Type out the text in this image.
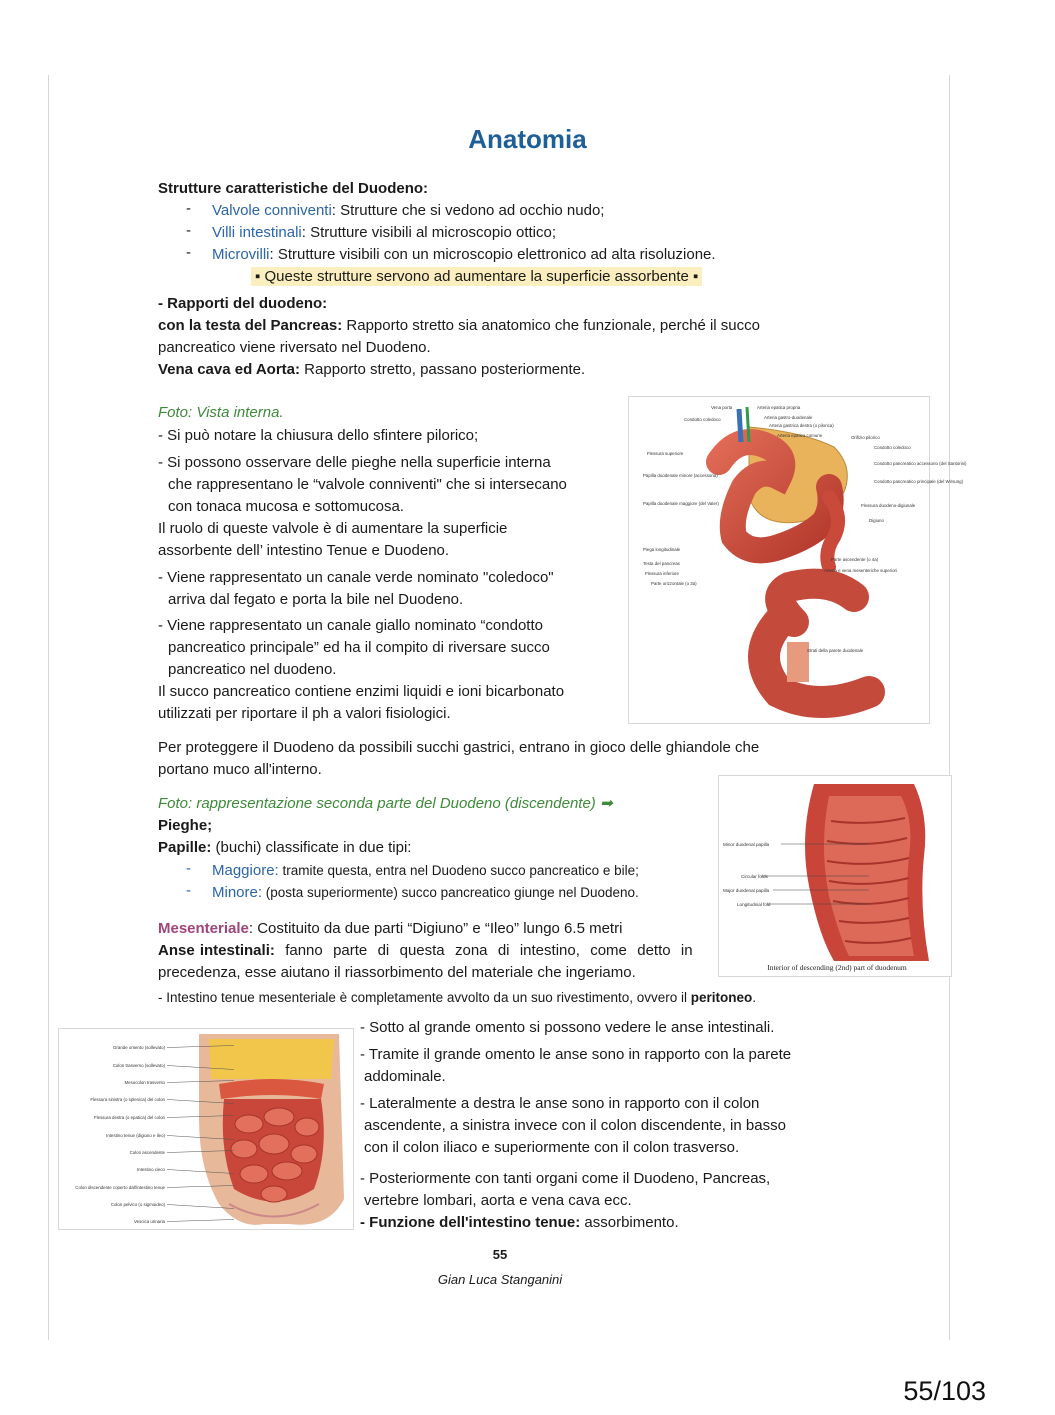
Anatomia
Strutture caratteristiche del Duodeno:
- Valvole conniventi: Strutture che si vedono ad occhio nudo;
- Villi intestinali: Strutture visibili al microscopio ottico;
- Microvilli: Strutture visibili con un microscopio elettronico ad alta risoluzione.
▪ Queste strutture servono ad aumentare la superficie assorbente ▪
- Rapporti del duodeno:
con la testa del Pancreas: Rapporto stretto sia anatomico che funzionale, perché il succo
pancreatico viene riversato nel Duodeno.
Vena cava ed Aorta: Rapporto stretto, passano posteriormente.
Foto: Vista interna.
- Si può notare la chiusura dello sfintere pilorico;
- Si possono osservare delle pieghe nella superficie interna
che rappresentano le “valvole conniventi" che si intersecano
con tonaca mucosa e sottomucosa.
Il ruolo di queste valvole è di aumentare la superficie
assorbente dell’ intestino Tenue e Duodeno.
- Viene rappresentato un canale verde nominato "coledoco"
arriva dal fegato e porta la bile nel Duodeno.
- Viene rappresentato un canale giallo nominato “condotto
pancreatico principale” ed ha il compito di riversare succo
pancreatico nel duodeno.
Il succo pancreatico contiene enzimi liquidi e ioni bicarbonato
utilizzati per riportare il ph a valori fisiologici.
Vena porta	Arteria epatica propria
Condotto coledoco	Arteria gastro-duodenale
Arteria gastrica destra (o pilorica)
Arteria epatica comune	Orifizio pilorico
Flessura superiore
Condotto coledoco
Condotto pancreatico accessorio (del Santorini)
Condotto pancreatico principale (del Wirsung)
Flessura duodeno-digiunale
Digiuno
Papilla duodenale minore (accessoria)
Papilla duodenale maggiore (del Vater)
Piega longitudinale
Testa del pancreas
Flessura inferiore
Parte orizzontale (o 3a)
Parte ascendente (o 4a)
Arteria e vena mesenteriche superiori
Strati della parete duodenale
Per proteggere il Duodeno da possibili succhi gastrici, entrano in gioco delle ghiandole che
portano muco all'interno.
Foto: rappresentazione seconda parte del Duodeno (discendente) ➡
Pieghe;
Papille: (buchi) classificate in due tipi:
- Maggiore: tramite questa, entra nel Duodeno succo pancreatico e bile;
- Minore: (posta superiormente) succo pancreatico giunge nel Duodeno.
Minor duodenal papilla
Circular folds
Major duodenal papilla
Longitudinal fold
Interior of descending (2nd) part of duodenum
Mesenteriale: Costituito da due parti “Digiuno” e “Ileo” lungo 6.5 metri
Anse intestinali:  fanno  parte  di  questa  zona  di  intestino,  come  detto  in
precedenza, esse aiutano il riassorbimento del materiale che ingeriamo.
- Intestino tenue mesenteriale è completamente avvolto da un suo rivestimento, ovvero il peritoneo.
Grande omento (sollevato)
Colon trasverso (sollevato)
Mesocolon trasverso
Flessura sinistra (o splenica) del colon
Flessura destra (o epatica) del colon
Intestino tenue (digiuno e ileo)
Colon ascendente
Intestino cieco
Colon discendente coperto dall'intestino tenue
Colon pelvico (o sigmoideo)
Vescica urinaria
- Sotto al grande omento si possono vedere le anse intestinali.
- Tramite il grande omento le anse sono in rapporto con la parete
addominale.
- Lateralmente a destra le anse sono in rapporto con il colon
ascendente, a sinistra invece con il colon discendente, in basso
con il colon iliaco e superiormente con il colon trasverso.
- Posteriormente con tanti organi come il Duodeno, Pancreas,
vertebre lombari, aorta e vena cava ecc.
- Funzione dell'intestino tenue: assorbimento.
55
Gian Luca Stanganini
55/103
